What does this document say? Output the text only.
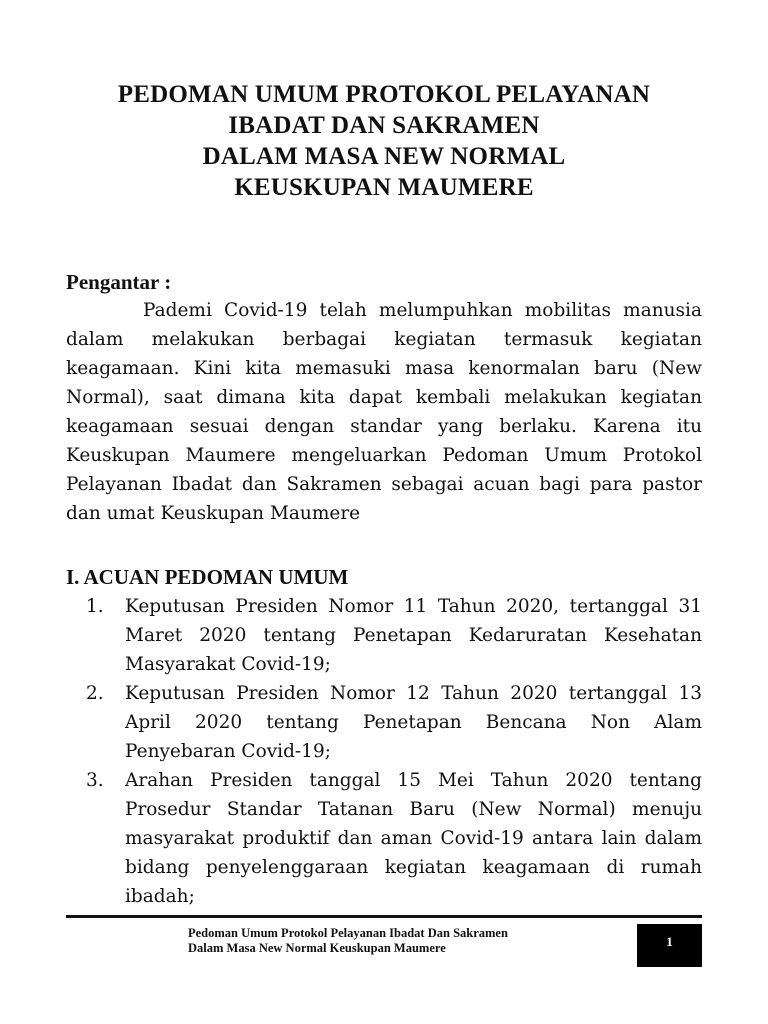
PEDOMAN UMUM PROTOKOL PELAYANAN
IBADAT DAN SAKRAMEN
DALAM MASA NEW NORMAL
KEUSKUPAN MAUMERE
Pengantar :

Pademi Covid-19 telah melumpuhkan mobilitas manusia dalam melakukan berbagai kegiatan termasuk kegiatan keagamaan. Kini kita memasuki masa kenormalan baru (New Normal), saat dimana kita dapat kembali melakukan kegiatan keagamaan sesuai dengan standar yang berlaku. Karena itu Keuskupan Maumere mengeluarkan Pedoman Umum Protokol Pelayanan Ibadat dan Sakramen sebagai acuan bagi para pastor dan umat Keuskupan Maumere

I. ACUAN PEDOMAN UMUM
1.	Keputusan Presiden Nomor 11 Tahun 2020, tertanggal 31 Maret 2020 tentang Penetapan Kedaruratan Kesehatan Masyarakat Covid-19;
2.	Keputusan Presiden Nomor 12 Tahun 2020 tertanggal 13 April 2020 tentang Penetapan Bencana Non Alam Penyebaran Covid-19;
3.	Arahan Presiden tanggal 15 Mei Tahun 2020 tentang Prosedur Standar Tatanan Baru (New Normal) menuju masyarakat produktif dan aman Covid-19 antara lain dalam bidang penyelenggaraan kegiatan keagamaan di rumah ibadah;
Pedoman Umum Protokol Pelayanan Ibadat Dan Sakramen
Dalam Masa New Normal Keuskupan Maumere	1
